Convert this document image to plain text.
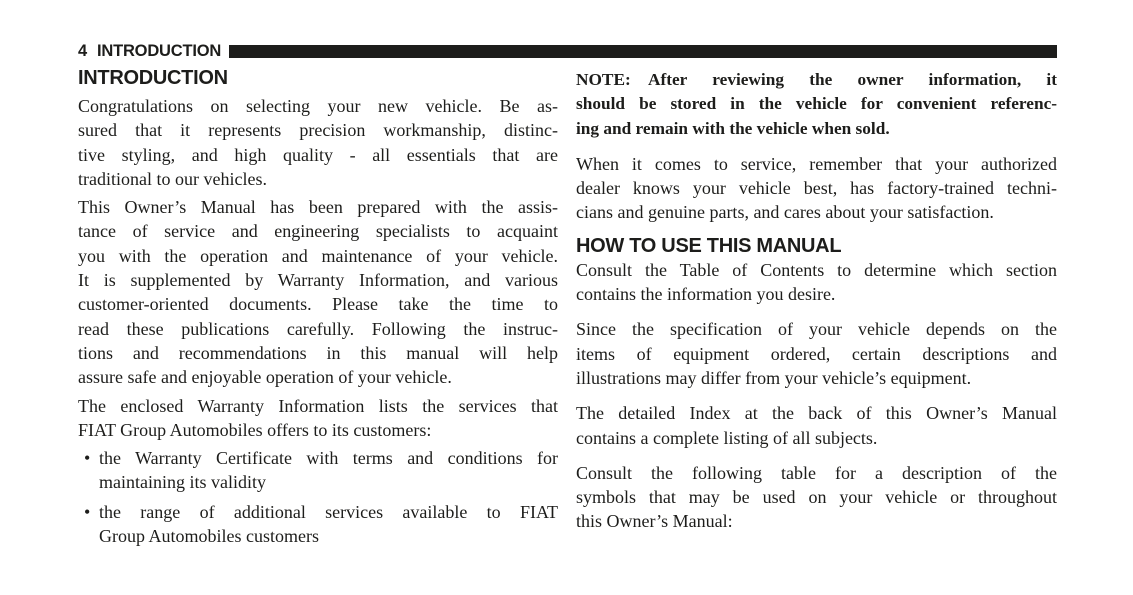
4 INTRODUCTION
INTRODUCTION
Congratulations on selecting your new vehicle. Be as-
sured that it represents precision workmanship, distinc-
tive styling, and high quality - all essentials that are
traditional to our vehicles.
This Owner’s Manual has been prepared with the assis-
tance of service and engineering specialists to acquaint
you with the operation and maintenance of your vehicle.
It is supplemented by Warranty Information, and various
customer-oriented documents. Please take the time to
read these publications carefully. Following the instruc-
tions and recommendations in this manual will help
assure safe and enjoyable operation of your vehicle.
The enclosed Warranty Information lists the services that
FIAT Group Automobiles offers to its customers:
• the Warranty Certificate with terms and conditions for
maintaining its validity
• the range of additional services available to FIAT
Group Automobiles customers
NOTE:  After reviewing the owner information, it
should be stored in the vehicle for convenient referenc-
ing and remain with the vehicle when sold.
When it comes to service, remember that your authorized
dealer knows your vehicle best, has factory-trained techni-
cians and genuine parts, and cares about your satisfaction.
HOW TO USE THIS MANUAL
Consult the Table of Contents to determine which section
contains the information you desire.
Since the specification of your vehicle depends on the
items of equipment ordered, certain descriptions and
illustrations may differ from your vehicle’s equipment.
The detailed Index at the back of this Owner’s Manual
contains a complete listing of all subjects.
Consult the following table for a description of the
symbols that may be used on your vehicle or throughout
this Owner’s Manual:
